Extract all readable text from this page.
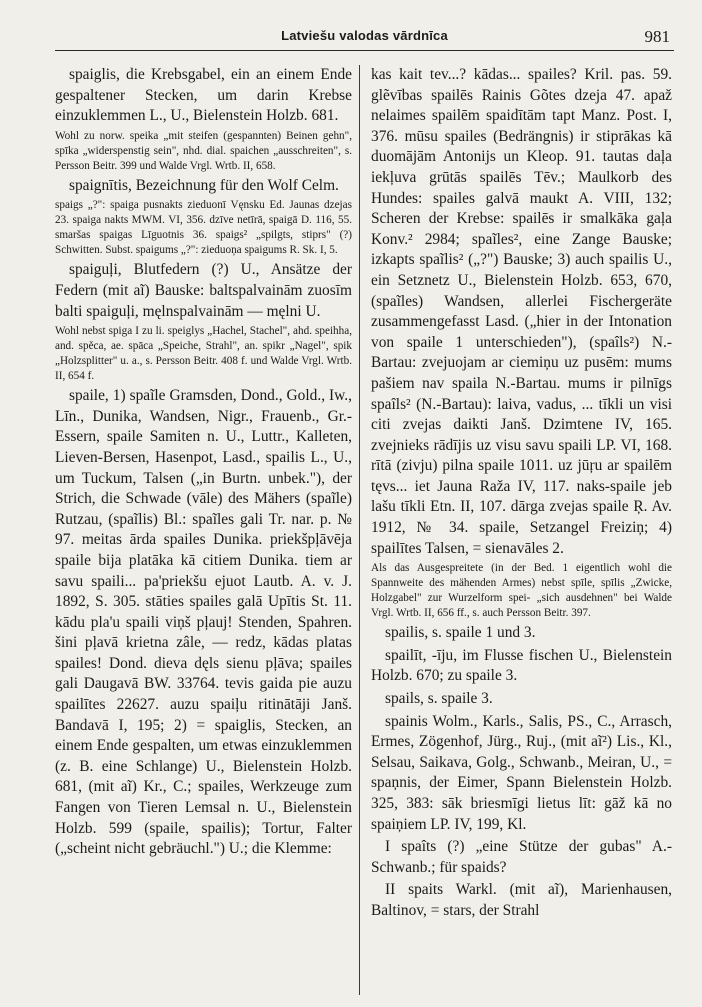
Latviešu valodas vārdnīca	981

spaiglis, die Krebsgabel, ein an einem Ende gespaltener Stecken, um darin Krebse einzuklemmen L., U., Bielenstein Holzb. 681.

Wohl zu norw. speika „mit steifen (gespannten) Beinen gehn", spīka „widerspenstig sein", nhd. dial. spaichen „ausschreiten", s. Persson Beitr. 399 und Walde Vrgl. Wrtb. II, 658.

spaignītis, Bezeichnung für den Wolf Celm.

spaigs „?": spaiga pusnakts zieduonī Vęnsku Ed. Jaunas dzejas 23. spaiga nakts MWM. VI, 356. dzīve netīrā, spaigā D. 116, 55. smaršas spaigas Līguotnis 36. spaigs² „spilgts, stiprs" (?) Schwitten. Subst. spaigums „?": zieduoņa spaigums R. Sk. I, 5.

spaiguļi, Blutfedern (?) U., Ansätze der Federn (mit aĩ) Bauske: baltspalvainām zuosīm balti spaiguļi, męlnspalvainām — męlni U.

Wohl nebst spiga I zu li. speiglys „Hachel, Stachel", ahd. speihha, and. spěca, ae. spāca „Speiche, Strahl", an. spikr „Nagel", spik „Holzsplitter" u. a., s. Persson Beitr. 408 f. und Walde Vrgl. Wrtb. II, 654 f.

spaile, 1) spaĩle Gramsden, Dond., Gold., Iw., Līn., Dunika, Wandsen, Nigr., Frauenb., Gr.-Essern, spaile Samiten n. U., Luttr., Kalleten, Lieven-Bersen, Hasenpot, Lasd., spailis L., U., um Tuckum, Talsen („in Burtn. unbek."), der Strich, die Schwade (vāle) des Mähers (spaĩle) Rutzau, (spaĩlis) Bl.: spaĩles gali Tr. nar. p. № 97. meitas ārda spailes Dunika. priekšpļāvēja spaile bija platāka kā citiem Dunika. tiem ar savu spaili... pa'priekšu ejuot Lautb. A. v. J. 1892, S. 305. stāties spailes galā Upītis St. 11. kādu pla'u spaili viņš pļauj! Stenden, Spahren. šini pļavā krietna zâle, — redz, kādas platas spailes! Dond. dieva dęls sienu pļāva; spailes gali Daugavā BW. 33764. tevis gaida pie auzu spailītes 22627. auzu spaiļu ritinātāji Janš. Bandavā I, 195; 2) = spaiglis, Stecken, an einem Ende gespalten, um etwas einzuklemmen (z. B. eine Schlange) U., Bielenstein Holzb. 681, (mit aĩ) Kr., C.; spailes, Werkzeuge zum Fangen von Tieren Lemsal n. U., Bielenstein Holzb. 599 (spaile, spailis); Tortur, Falter („scheint nicht gebräuchl.") U.; die Klemme:

kas kait tev...? kādas... spailes? Kril. pas. 59. glẽvības spailēs Rainis Gõtes dzeja 47. apaž nelaimes spailēm spaidītām tapt Manz. Post. I, 376. mūsu spailes (Bedrängnis) ir stiprākas kā duomājām Antonijs un Kleop. 91. tautas daļa iekļuva grūtās spailēs Tēv.; Maulkorb des Hundes: spailes galvā maukt A. VIII, 132; Scheren der Krebse: spailēs ir smalkāka gaļa Konv.² 2984; spaĩles², eine Zange Bauske; izkapts spaĩlis² („?") Bauske; 3) auch spailis U., ein Setznetz U., Bielenstein Holzb. 653, 670, (spaĩles) Wandsen, allerlei Fischergeräte zusammengefasst Lasd. („hier in der Intonation von spaile 1 unterschieden"), (spaîls²) N.-Bartau: zvejuojam ar ciemiņu uz pusēm: mums pašiem nav spaila N.-Bartau. mums ir pilnīgs spaîls² (N.-Bartau): laiva, vadus, ... tīkli un visi citi zvejas daikti Janš. Dzimtene IV, 165. zvejnieks rādījis uz visu savu spaili LP. VI, 168. rītā (zivju) pilna spaile 1011. uz jūŗu ar spailēm tęvs... iet Jauna Raža IV, 117. naks-spaile jeb lašu tīkli Etn. II, 107. dārga zvejas spaile Ŗ. Av. 1912, № 34. spaile, Setzangel Freiziņ; 4) spailītes Talsen, = sienavāles 2.

Als das Ausgespreitete (in der Bed. 1 eigentlich wohl die Spannweite des mähenden Armes) nebst spīle, spīlis „Zwicke, Holzgabel" zur Wurzelform spei- „sich ausdehnen" bei Walde Vrgl. Wrtb. II, 656 ff., s. auch Persson Beitr. 397.

spailis, s. spaile 1 und 3.

spailīt, -īju, im Flusse fischen U., Bielenstein Holzb. 670; zu spaile 3.

spails, s. spaile 3.

spainis Wolm., Karls., Salis, PS., C., Arrasch, Ermes, Zögenhof, Jürg., Ruj., (mit aĩ²) Lis., Kl., Selsau, Saikava, Golg., Schwanb., Meiran, U., = spaņnis, der Eimer, Spann Bielenstein Holzb. 325, 383: sāk briesmīgi lietus līt: gāž kā no spaiņiem LP. IV, 199, Kl.

I spaîts (?) „eine Stütze der gubas" A.-Schwanb.; für spaids?

II spaits Warkl. (mit aĩ), Marienhausen, Baltinov, = stars, der Strahl
